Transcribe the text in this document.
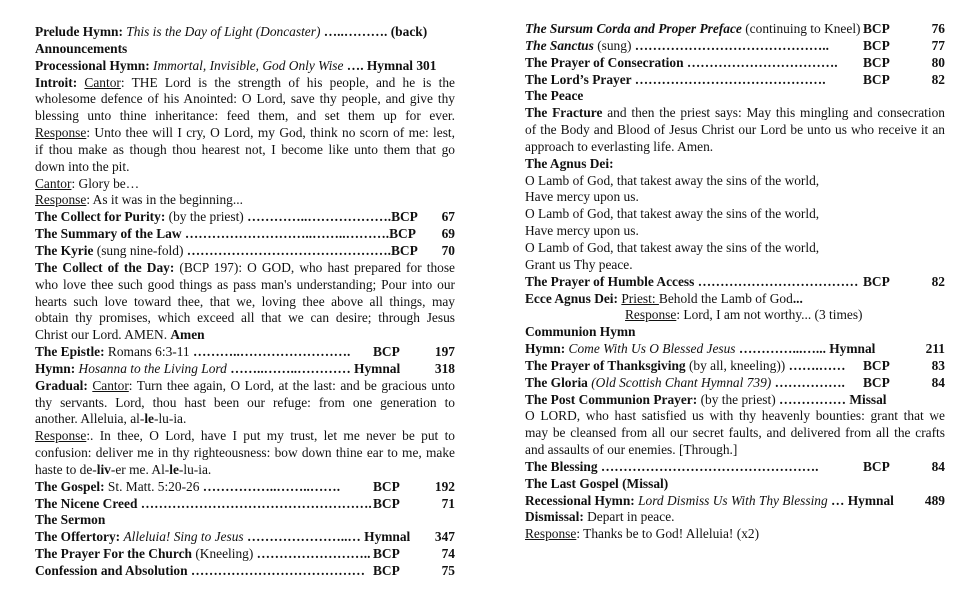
Prelude Hymn: This is the Day of Light (Doncaster) …..………. (back)
Announcements
Processional Hymn: Immortal, Invisible, God Only Wise …. Hymnal 301
Introit: Cantor: THE Lord is the strength of his people, and he is the
wholesome defence of his Anointed: O Lord, save thy people, and give thy
blessing unto thine inheritance: feed them, and set them up for ever.
Response: Unto thee will I cry, O Lord, my God, think no scorn of me: lest,
if thou make as though thou hearest not, I become like unto them that go
down into the pit.
Cantor: Glory be…
Response: As it was in the beginning...
The Collect for Purity: (by the priest) …………..………………. BCP	67
The Summary of the Law ………………………..……..………. BCP	69
The Kyrie (sung nine-fold) ………………………………………. BCP	70
The Collect of the Day: (BCP 197): O GOD, who hast prepared for those
who love thee such good things as pass man's understanding; Pour into our
hearts such love toward thee, that we, loving thee above all things, may
obtain thy promises, which exceed all that we can desire; through Jesus
Christ our Lord. AMEN. Amen
The Epistle: Romans 6:3-11 ………..…………………….	BCP	197
Hymn: Hosanna to the Living Lord ……..……..………… Hymnal	318
Gradual: Cantor: Turn thee again, O Lord, at the last: and be gracious unto
thy servants. Lord, thou hast been our refuge: from one generation to
another. Alleluia, al-le-lu-ia.
Response:. In thee, O Lord, have I put my trust, let me never be put to
confusion: deliver me in thy righteousness: bow down thine ear to me, make
haste to de-liv-er me. Al-le-lu-ia.
The Gospel: St. Matt. 5:20-26 ……………..……..…….	BCP	192
The Nicene Creed ……………………………………………. BCP	71
The Sermon
The Offertory: Alleluia! Sing to Jesus …………………..… Hymnal 347
The Prayer For the Church (Kneeling) …………………….. BCP	74
Confession and Absolution ………………………………… BCP	75
The Sursum Corda and Proper Preface (continuing to Kneel) BCP	76
The Sanctus (sung) ……………………………………..	BCP	77
The Prayer of Consecration …………………………….	BCP	80
The Lord’s Prayer …………………………………….	BCP	82
The Peace
The Fracture and then the priest says: May this mingling and consecration
of the Body and Blood of Jesus Christ our Lord be unto us who receive it an
approach to everlasting life. Amen.
The Agnus Dei:
O Lamb of God, that takest away the sins of the world,
Have mercy upon us.
O Lamb of God, that takest away the sins of the world,
Have mercy upon us.
O Lamb of God, that takest away the sins of the world,
Grant us Thy peace.
The Prayer of Humble Access ……………………………… BCP	82
Ecce Agnus Dei: Priest: Behold the Lamb of God...
Response: Lord, I am not worthy... (3 times)
Communion Hymn
Hymn: Come With Us O Blessed Jesus …………...…... Hymnal	211
The Prayer of Thanksgiving (by all, kneeling)) …….……	BCP	83
The Gloria (Old Scottish Chant Hymnal 739) …………….	BCP	84
The Post Communion Prayer: (by the priest) …………… Missal
O LORD, who hast satisfied us with thy heavenly bounties: grant that we
may be cleansed from all our secret faults, and delivered from all the crafts
and assaults of our enemies. [Through.]
The Blessing ………………………………………….	BCP	84
The Last Gospel (Missal)
Recessional Hymn: Lord Dismiss Us With Thy Blessing … Hymnal 489
Dismissal: Depart in peace.
Response: Thanks be to God! Alleluia! (x2)
